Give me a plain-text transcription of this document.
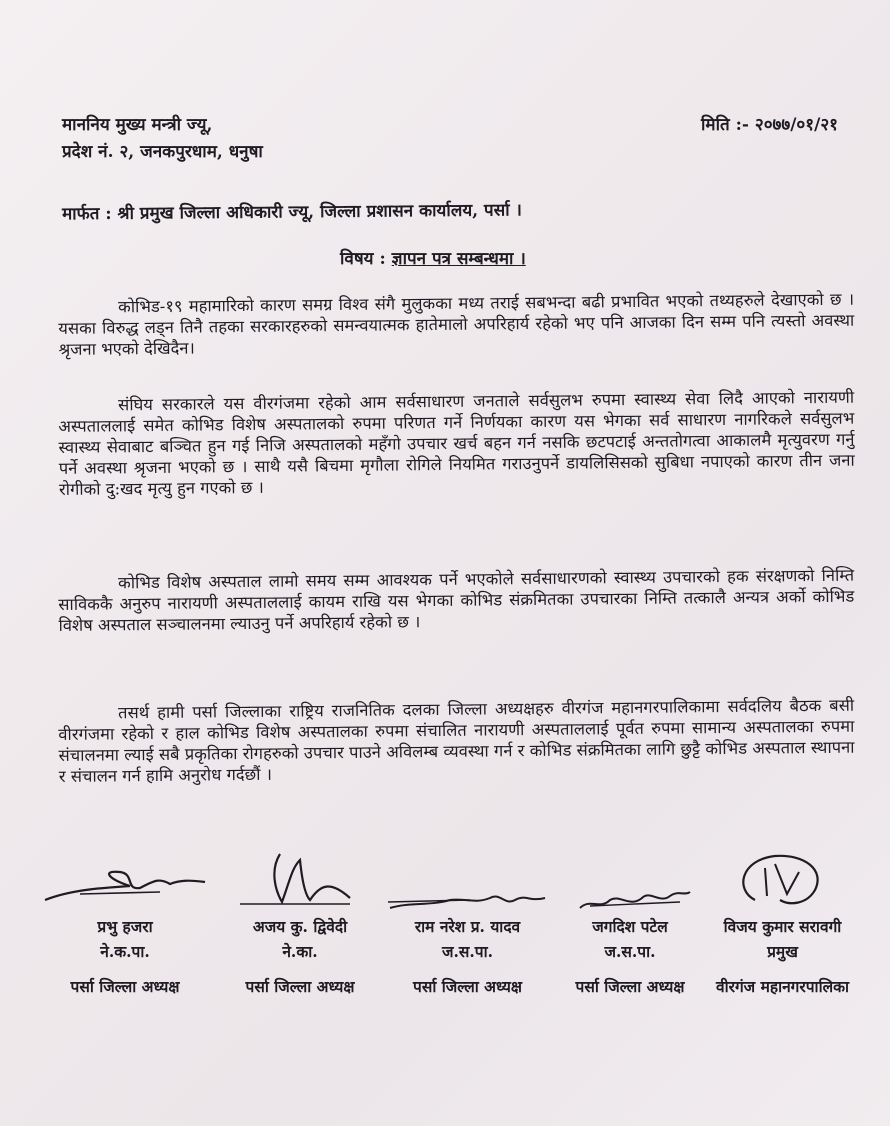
माननिय मुख्य मन्त्री ज्यू,
प्रदेश नं. २, जनकपुरधाम, धनुषा
मिति :- २०७७/०१/२१
मार्फत : श्री प्रमुख जिल्ला अधिकारी ज्यू, जिल्ला प्रशासन कार्यालय, पर्सा ।
विषय : ज्ञापन पत्र सम्बन्धमा ।

कोभिड-१९ महामारिको कारण समग्र विश्व संगै मुलुकका मध्य तराई सबभन्दा बढी प्रभावित भएको तथ्यहरुले देखाएको छ । यसका विरुद्ध लड्न तिनै तहका सरकारहरुको समन्वयात्मक हातेमालो अपरिहार्य रहेको भए पनि आजका दिन सम्म पनि त्यस्तो अवस्था श्रृजना भएको देखिदैन।

संघिय सरकारले यस वीरगंजमा रहेको आम सर्वसाधारण जनताले सर्वसुलभ रुपमा स्वास्थ्य सेवा लिदै आएको नारायणी अस्पताललाई समेत कोभिड विशेष अस्पतालको रुपमा परिणत गर्ने निर्णयका कारण यस भेगका सर्व साधारण नागरिकले सर्वसुलभ स्वास्थ्य सेवाबाट बञ्चित हुन गई निजि अस्पतालको महँगो उपचार खर्च बहन गर्न नसकि छटपटाई अन्ततोगत्वा आकालमै मृत्युवरण गर्नु पर्ने अवस्था श्रृजना भएको छ । साथै यसै बिचमा मृगौला रोगिले नियमित गराउनुपर्ने डायलिसिसको सुबिधा नपाएको कारण तीन जना रोगीको दु:खद मृत्यु हुन गएको छ ।

कोभिड विशेष अस्पताल लामो समय सम्म आवश्यक पर्ने भएकोले सर्वसाधारणको स्वास्थ्य उपचारको हक संरक्षणको निम्ति साविककै अनुरुप नारायणी अस्पताललाई कायम राखि यस भेगका कोभिड संक्रमितका उपचारका निम्ति तत्कालै अन्यत्र अर्को कोभिड विशेष अस्पताल सञ्चालनमा ल्याउनु पर्ने अपरिहार्य रहेको छ ।

तसर्थ हामी पर्सा जिल्लाका राष्ट्रिय राजनितिक दलका जिल्ला अध्यक्षहरु वीरगंज महानगरपालिकामा सर्वदलिय बैठक बसी वीरगंजमा रहेको र हाल कोभिड विशेष अस्पतालका रुपमा संचालित नारायणी अस्पताललाई पूर्वत रुपमा सामान्य अस्पतालका रुपमा संचालनमा ल्याई सबै प्रकृतिका रोगहरुको उपचार पाउने अविलम्ब व्यवस्था गर्न र कोभिड संक्रमितका लागि छुट्टै कोभिड अस्पताल स्थापना र संचालन गर्न हामि अनुरोध गर्दछौं ।

प्रभु हजरा
ने.क.पा.
पर्सा जिल्ला अध्यक्ष
अजय कु. द्विवेदी
ने.का.
पर्सा जिल्ला अध्यक्ष
राम नरेश प्र. यादव
ज.स.पा.
पर्सा जिल्ला अध्यक्ष
जगदिश पटेल
ज.स.पा.
पर्सा जिल्ला अध्यक्ष
विजय कुमार सरावगी
प्रमुख
वीरगंज महानगरपालिका
